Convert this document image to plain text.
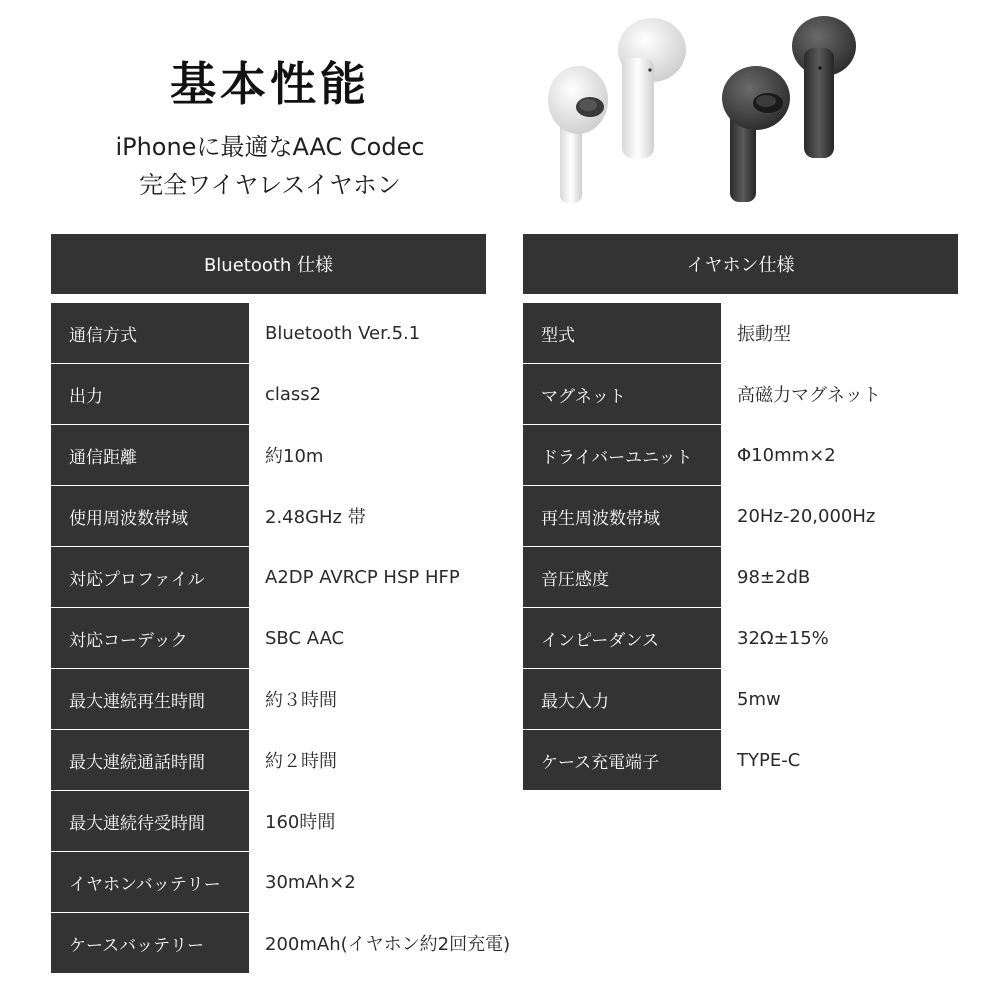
基本性能
iPhoneに最適なAAC Codec
完全ワイヤレスイヤホン
Bluetooth 仕様
通信方式	Bluetooth Ver.5.1
出力	class2
通信距離	約10m
使用周波数帯域	2.48GHz 帯
対応プロファイル	A2DP AVRCP HSP HFP
対応コーデック	SBC AAC
最大連続再生時間	約３時間
最大連続通話時間	約２時間
最大連続待受時間	160時間
イヤホンバッテリー	30mAh×2
ケースバッテリー	200mAh(イヤホン約2回充電)
イヤホン仕様
型式	振動型
マグネット	高磁力マグネット
ドライバーユニット	Φ10mm×2
再生周波数帯域	20Hz-20,000Hz
音圧感度	98±2dB
インピーダンス	32Ω±15%
最大入力	5mw
ケース充電端子	TYPE-C
